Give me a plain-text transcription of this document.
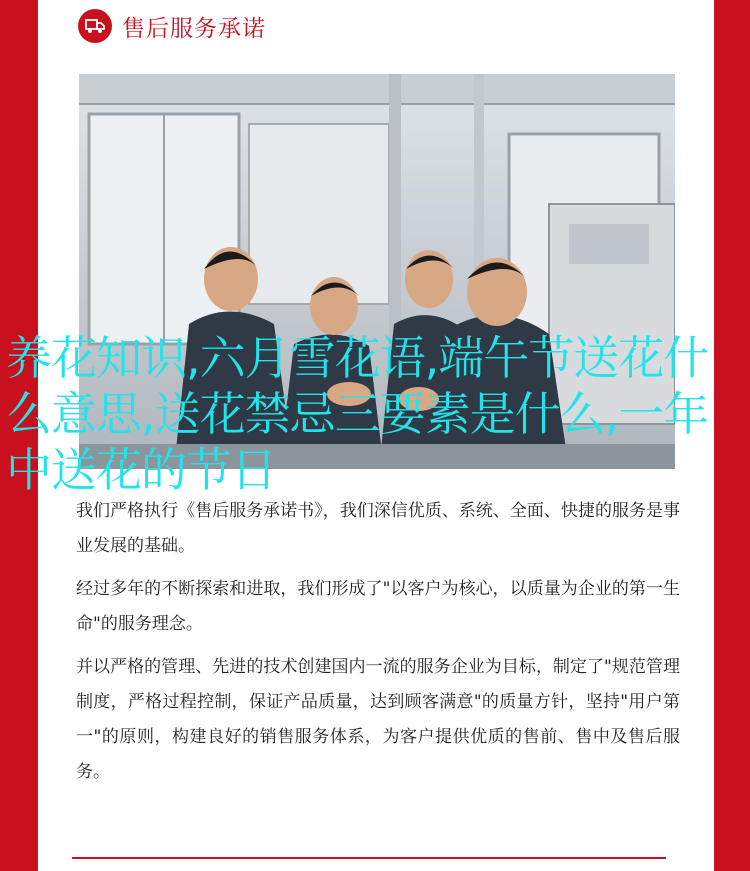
售后服务承诺

我们严格执行《售后服务承诺书》，我们深信优质、系统、全面、快捷的服务是事业发展的基础。

经过多年的不断探索和进取，我们形成了"以客户为核心，以质量为企业的第一生命"的服务理念。

并以严格的管理、先进的技术创建国内一流的服务企业为目标，制定了"规范管理制度，严格过程控制，保证产品质量，达到顾客满意"的质量方针，坚持"用户第一"的原则，构建良好的销售服务体系，为客户提供优质的售前、售中及售后服务。

养花知识,六月雪花语,端午节送花什么意思,送花禁忌三要素是什么,一年中送花的节日
